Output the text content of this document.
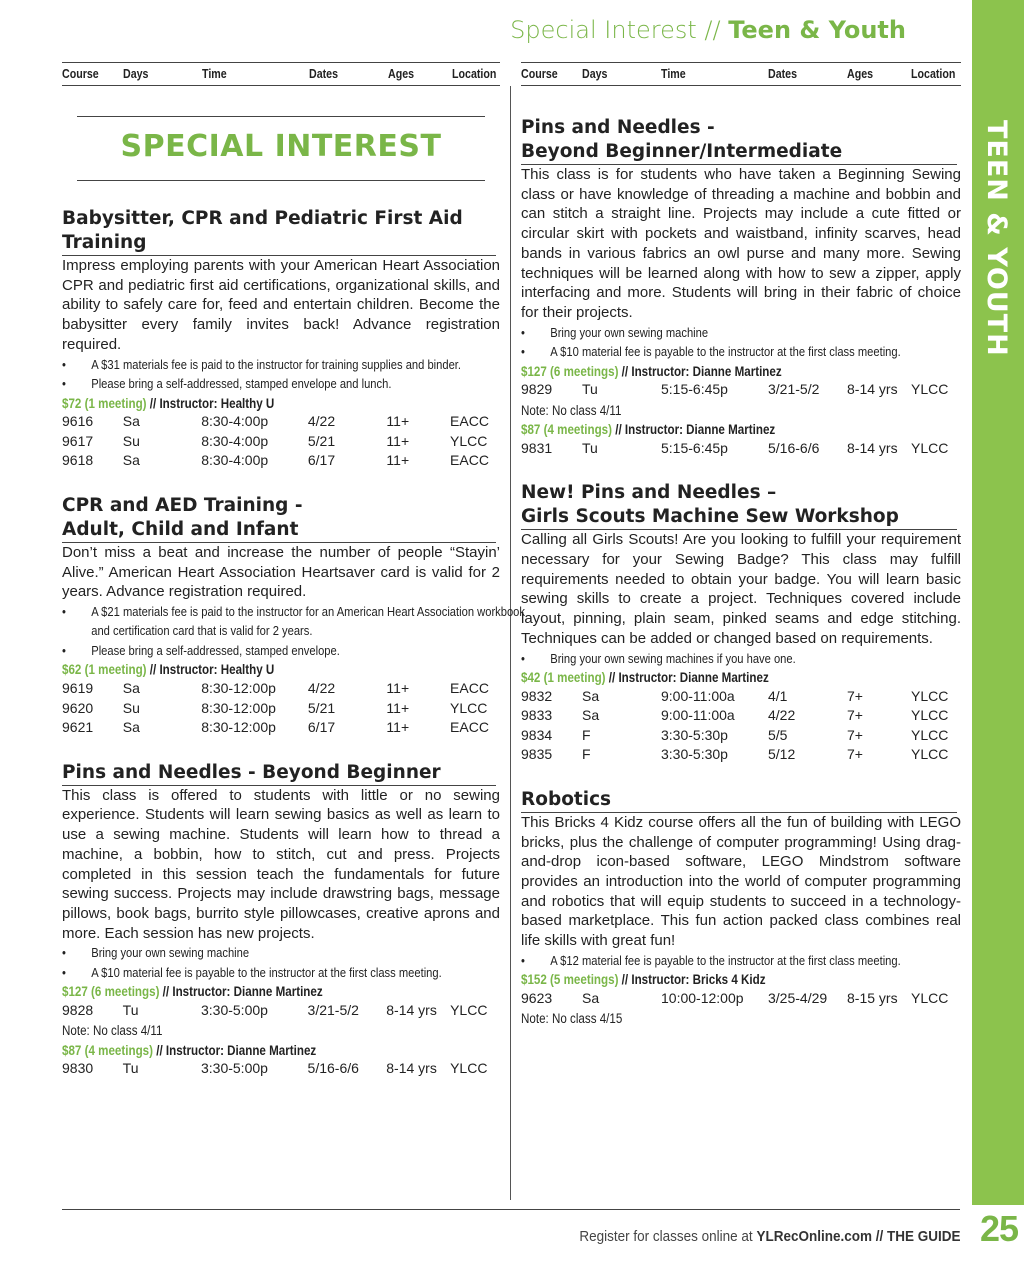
Special Interest // Teen & Youth
TEEN & YOUTH
25
Course Days	Time	Dates	Ages	Location Course Days	Time	Dates	Ages	Location
SPECIAL INTEREST
Babysitter, CPR and Pediatric First Aid
Training
Impress employing parents with your American Heart Association CPR and pediatric first aid certifications, organizational skills, and ability to safely care for, feed and entertain children. Become the babysitter every family invites back! Advance registration required.
• A $31 materials fee is paid to the instructor for training supplies and binder.
• Please bring a self-addressed, stamped envelope and lunch.
$72 (1 meeting) // Instructor: Healthy U
9616	Sa	8:30-4:00p	4/22	11+	EACC
9617	Su	8:30-4:00p	5/21	11+	YLCC
9618	Sa	8:30-4:00p	6/17	11+	EACC
CPR and AED Training -
Adult, Child and Infant
Don’t miss a beat and increase the number of people “Stayin’ Alive.” American Heart Association Heartsaver card is valid for 2 years. Advance registration required.
• A $21 materials fee is paid to the instructor for an American Heart Association workbook and certification card that is valid for 2 years.
• Please bring a self-addressed, stamped envelope.
$62 (1 meeting) // Instructor: Healthy U
9619	Sa	8:30-12:00p	4/22	11+	EACC
9620	Su	8:30-12:00p	5/21	11+	YLCC
9621	Sa	8:30-12:00p	6/17	11+	EACC
Pins and Needles - Beyond Beginner
This class is offered to students with little or no sewing experience. Students will learn sewing basics as well as learn to use a sewing machine. Students will learn how to thread a machine, a bobbin, how to stitch, cut and press. Projects completed in this session teach the fundamentals for future sewing success. Projects may include drawstring bags, message pillows, book bags, burrito style pillowcases, creative aprons and more. Each session has new projects.
• Bring your own sewing machine
• A $10 material fee is payable to the instructor at the first class meeting.
$127 (6 meetings) // Instructor: Dianne Martinez
9828	Tu	3:30-5:00p	3/21-5/2	8-14 yrs	YLCC
Note: No class 4/11
$87 (4 meetings) // Instructor: Dianne Martinez
9830	Tu	3:30-5:00p	5/16-6/6	8-14 yrs	YLCC
Pins and Needles -
Beyond Beginner/Intermediate
This class is for students who have taken a Beginning Sewing class or have knowledge of threading a machine and bobbin and can stitch a straight line. Projects may include a cute fitted or circular skirt with pockets and waistband, infinity scarves, head bands in various fabrics an owl purse and many more. Sewing techniques will be learned along with how to sew a zipper, apply interfacing and more. Students will bring in their fabric of choice for their projects.
• Bring your own sewing machine
• A $10 material fee is payable to the instructor at the first class meeting.
$127 (6 meetings) // Instructor: Dianne Martinez
9829	Tu	5:15-6:45p	3/21-5/2	8-14 yrs	YLCC
Note: No class 4/11
$87 (4 meetings) // Instructor: Dianne Martinez
9831	Tu	5:15-6:45p	5/16-6/6	8-14 yrs	YLCC
New! Pins and Needles –
Girls Scouts Machine Sew Workshop
Calling all Girls Scouts! Are you looking to fulfill your requirement necessary for your Sewing Badge? This class may fulfill requirements needed to obtain your badge. You will learn basic sewing skills to create a project. Techniques covered include layout, pinning, plain seam, pinked seams and edge stitching. Techniques can be added or changed based on requirements.
• Bring your own sewing machines if you have one.
$42 (1 meeting) // Instructor: Dianne Martinez
9832	Sa	9:00-11:00a	4/1	7+	YLCC
9833	Sa	9:00-11:00a	4/22	7+	YLCC
9834	F	3:30-5:30p	5/5	7+	YLCC
9835	F	3:30-5:30p	5/12	7+	YLCC
Robotics
This Bricks 4 Kidz course offers all the fun of building with LEGO bricks, plus the challenge of computer programming! Using drag-and-drop icon-based software, LEGO Mindstrom software provides an introduction into the world of computer programming and robotics that will equip students to succeed in a technology-based marketplace. This fun action packed class combines real life skills with great fun!
• A $12 material fee is payable to the instructor at the first class meeting.
$152 (5 meetings) // Instructor: Bricks 4 Kidz
9623	Sa	10:00-12:00p	3/25-4/29	8-15 yrs	YLCC
Note: No class 4/15
Register for classes online at YLRecOnline.com // THE GUIDE
